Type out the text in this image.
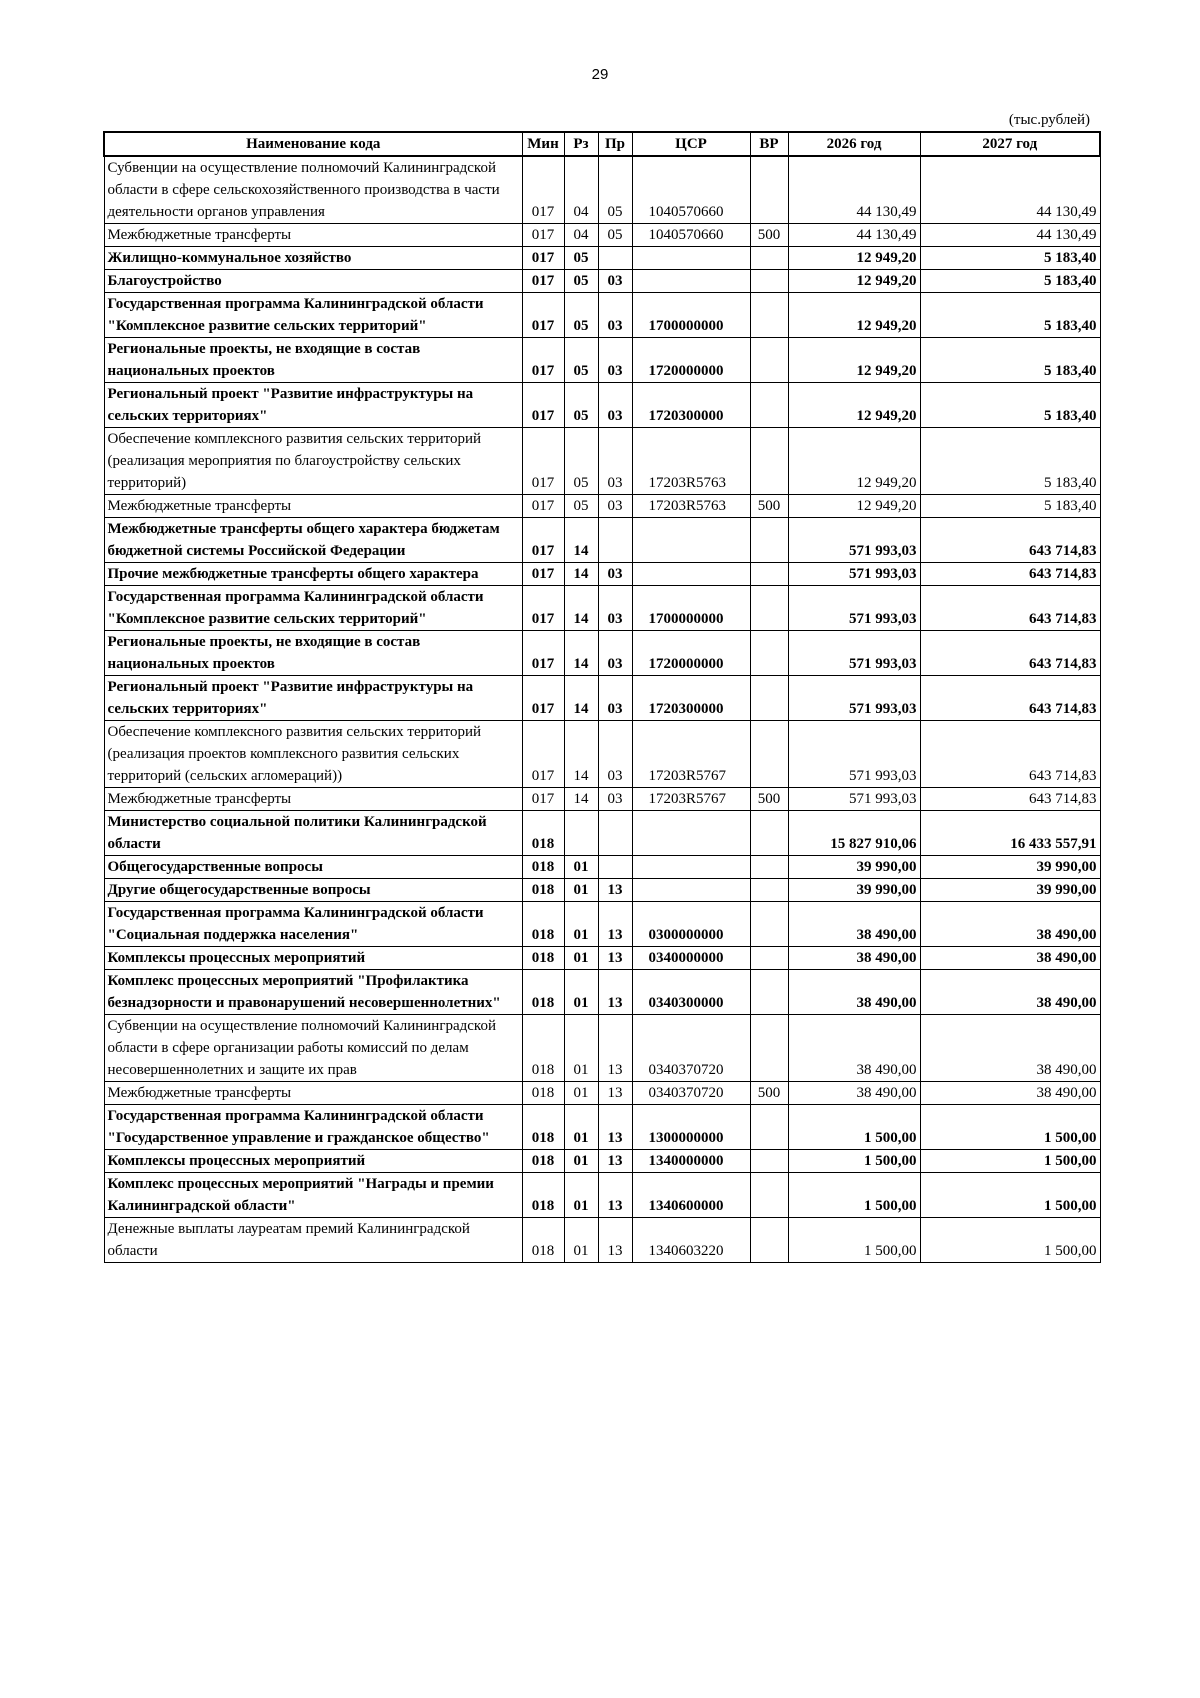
29
(тыс.рублей)
Наименование кода	Мин	Рз	Пр	ЦСР	ВР	2026 год	2027 год
Субвенции на осуществление полномочий Калининградской области в сфере сельскохозяйственного производства в части деятельности органов управления	017	04	05	1040570660		44 130,49	44 130,49
Межбюджетные трансферты	017	04	05	1040570660	500	44 130,49	44 130,49
Жилищно-коммунальное хозяйство	017	05				12 949,20	5 183,40
Благоустройство	017	05	03			12 949,20	5 183,40
Государственная программа Калининградской области "Комплексное развитие сельских территорий"	017	05	03	1700000000		12 949,20	5 183,40
Региональные проекты, не входящие в состав национальных проектов	017	05	03	1720000000		12 949,20	5 183,40
Региональный проект "Развитие инфраструктуры на сельских территориях"	017	05	03	1720300000		12 949,20	5 183,40
Обеспечение комплексного развития сельских территорий (реализация мероприятия по благоустройству сельских территорий)	017	05	03	17203R5763		12 949,20	5 183,40
Межбюджетные трансферты	017	05	03	17203R5763	500	12 949,20	5 183,40
Межбюджетные трансферты общего характера бюджетам бюджетной системы Российской Федерации	017	14				571 993,03	643 714,83
Прочие межбюджетные трансферты общего характера	017	14	03			571 993,03	643 714,83
Государственная программа Калининградской области "Комплексное развитие сельских территорий"	017	14	03	1700000000		571 993,03	643 714,83
Региональные проекты, не входящие в состав национальных проектов	017	14	03	1720000000		571 993,03	643 714,83
Региональный проект "Развитие инфраструктуры на сельских территориях"	017	14	03	1720300000		571 993,03	643 714,83
Обеспечение комплексного развития сельских территорий (реализация проектов комплексного развития сельских территорий (сельских агломераций))	017	14	03	17203R5767		571 993,03	643 714,83
Межбюджетные трансферты	017	14	03	17203R5767	500	571 993,03	643 714,83
Министерство социальной политики Калининградской области	018					15 827 910,06	16 433 557,91
Общегосударственные вопросы	018	01				39 990,00	39 990,00
Другие общегосударственные вопросы	018	01	13			39 990,00	39 990,00
Государственная программа Калининградской области "Социальная поддержка населения"	018	01	13	0300000000		38 490,00	38 490,00
Комплексы процессных мероприятий	018	01	13	0340000000		38 490,00	38 490,00
Комплекс процессных мероприятий "Профилактика безнадзорности и правонарушений несовершеннолетних"	018	01	13	0340300000		38 490,00	38 490,00
Субвенции на осуществление полномочий Калининградской области в сфере организации работы комиссий по делам несовершеннолетних и защите их прав	018	01	13	0340370720		38 490,00	38 490,00
Межбюджетные трансферты	018	01	13	0340370720	500	38 490,00	38 490,00
Государственная программа Калининградской области "Государственное управление и гражданское общество"	018	01	13	1300000000		1 500,00	1 500,00
Комплексы процессных мероприятий	018	01	13	1340000000		1 500,00	1 500,00
Комплекс процессных мероприятий "Награды и премии Калининградской области"	018	01	13	1340600000		1 500,00	1 500,00
Денежные выплаты лауреатам премий Калининградской области	018	01	13	1340603220		1 500,00	1 500,00
